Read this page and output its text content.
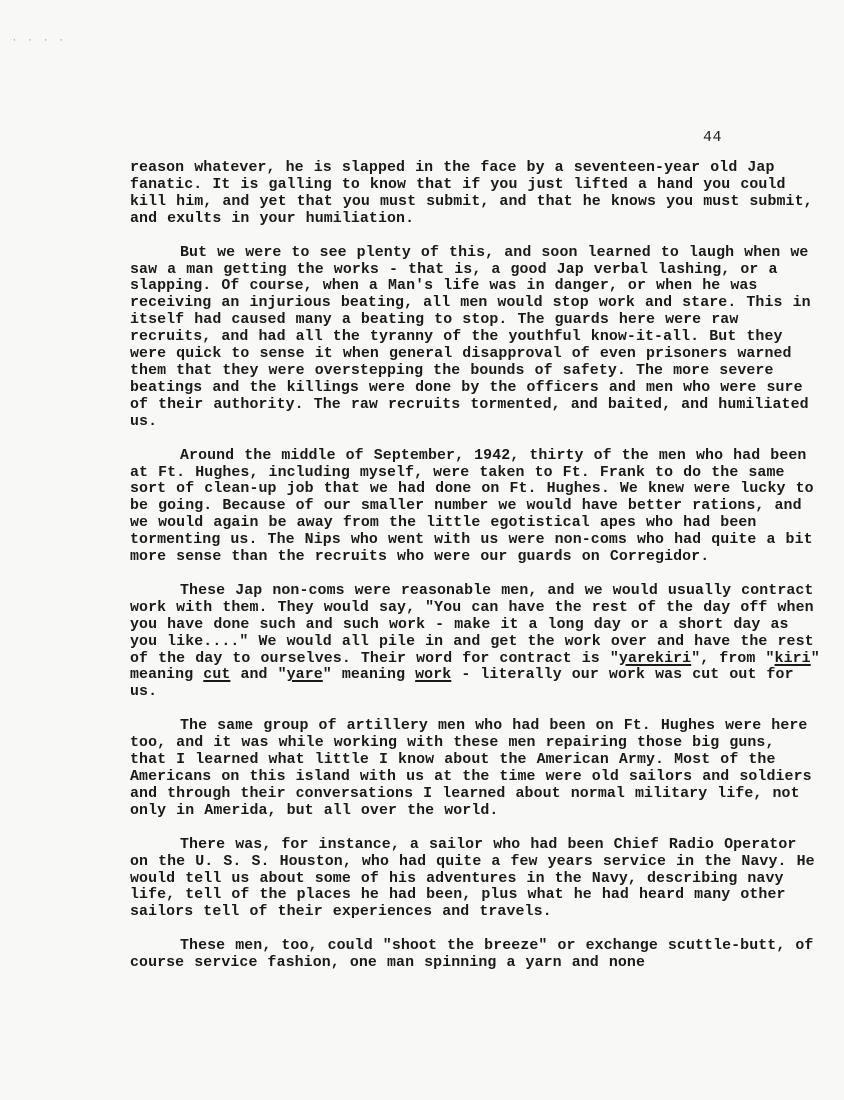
· · · ·
44

reason whatever, he is slapped in the face by a seventeen-year old Jap fanatic. It is galling to know that if you just lifted a hand you could kill him, and yet that you must submit, and that he knows you must submit, and exults in your humiliation.

But we were to see plenty of this, and soon learned to laugh when we saw a man getting the works - that is, a good Jap verbal lashing, or a slapping. Of course, when a Man's life was in danger, or when he was receiving an injurious beating, all men would stop work and stare. This in itself had caused many a beating to stop. The guards here were raw recruits, and had all the tyranny of the youthful know-it-all. But they were quick to sense it when general disapproval of even prisoners warned them that they were overstepping the bounds of safety. The more severe beatings and the killings were done by the officers and men who were sure of their authority. The raw recruits tormented, and baited, and humiliated us.

Around the middle of September, 1942, thirty of the men who had been at Ft. Hughes, including myself, were taken to Ft. Frank to do the same sort of clean-up job that we had done on Ft. Hughes. We knew were lucky to be going. Because of our smaller number we would have better rations, and we would again be away from the little egotistical apes who had been tormenting us. The Nips who went with us were non-coms who had quite a bit more sense than the recruits who were our guards on Corregidor.

These Jap non-coms were reasonable men, and we would usually contract work with them. They would say, "You can have the rest of the day off when you have done such and such work - make it a long day or a short day as you like...." We would all pile in and get the work over and have the rest of the day to ourselves. Their word for contract is "yarekiri", from "kiri" meaning cut and "yare" meaning work - literally our work was cut out for us.

The same group of artillery men who had been on Ft. Hughes were here too, and it was while working with these men repairing those big guns, that I learned what little I know about the American Army. Most of the Americans on this island with us at the time were old sailors and soldiers and through their conversations I learned about normal military life, not only in Amerida, but all over the world.

There was, for instance, a sailor who had been Chief Radio Operator on the U. S. S. Houston, who had quite a few years service in the Navy. He would tell us about some of his adventures in the Navy, describing navy life, tell of the places he had been, plus what he had heard many other sailors tell of their experiences and travels.

These men, too, could "shoot the breeze" or exchange scuttle-butt, of course service fashion, one man spinning a yarn and none
